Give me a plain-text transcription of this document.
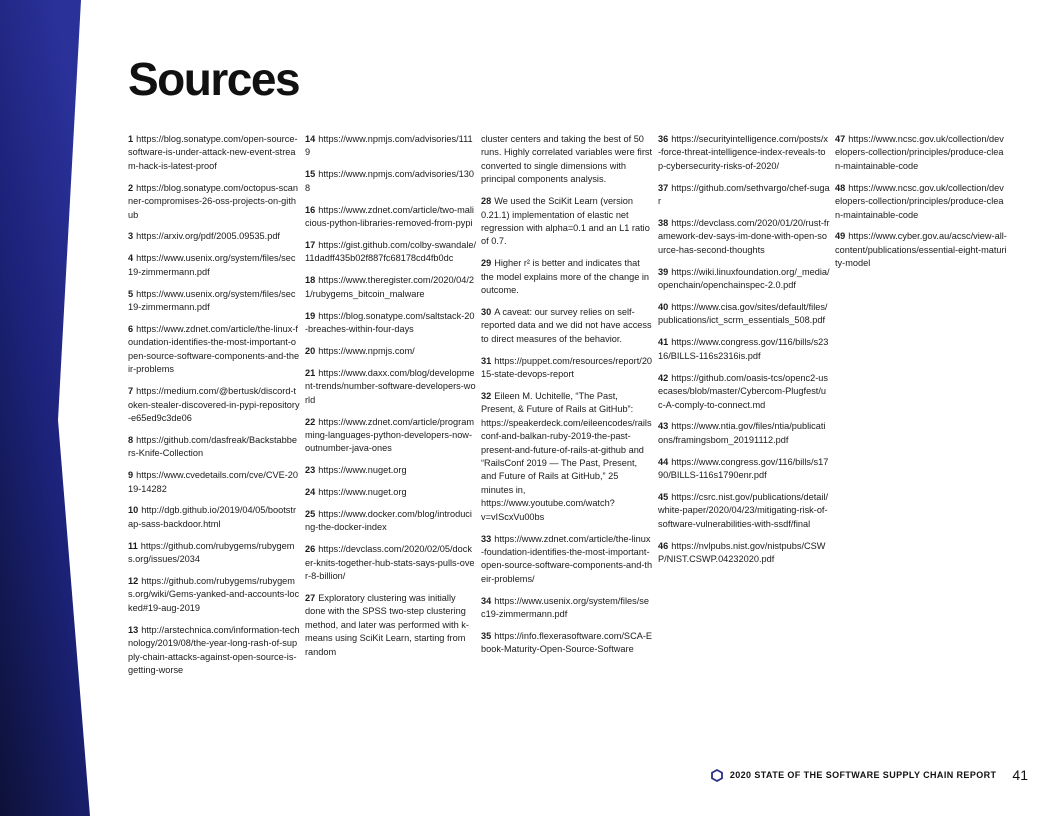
Sources

1 https://blog.sonatype.com/open-source-software-is-under-attack-new-event-stream-hack-is-latest-proof

2 https://blog.sonatype.com/octopus-scanner-compromises-26-oss-projects-on-github

3 https://arxiv.org/pdf/2005.09535.pdf

4 https://www.usenix.org/system/files/sec19-zimmermann.pdf

5 https://www.usenix.org/system/files/sec19-zimmermann.pdf

6 https://www.zdnet.com/article/the-linux-foundation-identifies-the-most-important-open-source-software-components-and-their-problems

7 https://medium.com/@bertusk/discord-token-stealer-discovered-in-pypi-repository-e65ed9c3de06

8 https://github.com/dasfreak/Backstabbers-Knife-Collection

9 https://www.cvedetails.com/cve/CVE-2019-14282

10 http://dgb.github.io/2019/04/05/bootstrap-sass-backdoor.html

11 https://github.com/rubygems/rubygems.org/issues/2034

12 https://github.com/rubygems/rubygems.org/wiki/Gems-yanked-and-accounts-locked#19-aug-2019

13 http://arstechnica.com/information-technology/2019/08/the-year-long-rash-of-supply-chain-attacks-against-open-source-is-getting-worse

14 https://www.npmjs.com/advisories/1119

15 https://www.npmjs.com/advisories/1308

16 https://www.zdnet.com/article/two-malicious-python-libraries-removed-from-pypi

17 https://gist.github.com/colby-swandale/11dadff435b02f887fc68178cd4fb0dc

18 https://www.theregister.com/2020/04/21/rubygems_bitcoin_malware

19 https://blog.sonatype.com/saltstack-20-breaches-within-four-days

20 https://www.npmjs.com/

21 https://www.daxx.com/blog/development-trends/number-software-developers-world

22 https://www.zdnet.com/article/programming-languages-python-developers-now-outnumber-java-ones

23 https://www.nuget.org

24 https://www.nuget.org

25 https://www.docker.com/blog/introducing-the-docker-index

26 https://devclass.com/2020/02/05/docker-knits-together-hub-stats-says-pulls-over-8-billion/

27 Exploratory clustering was initially done with the SPSS two-step clustering method, and later was performed with k-means using SciKit Learn, starting from random

cluster centers and taking the best of 50 runs. Highly correlated variables were first converted to single dimensions with principal components analysis.

28 We used the SciKit Learn (version 0.21.1) implementation of elastic net regression with alpha=0.1 and an L1 ratio of 0.7.

29 Higher r² is better and indicates that the model explains more of the change in outcome.

30 A caveat: our survey relies on self-reported data and we did not have access to direct measures of the behavior.

31 https://puppet.com/resources/report/2015-state-devops-report

32 Eileen M. Uchitelle, “The Past, Present, & Future of Rails at GitHub”: https://speakerdeck.com/eileencodes/railsconf-and-balkan-ruby-2019-the-past-present-and-future-of-rails-at-github and “RailsConf 2019 — The Past, Present, and Future of Rails at GitHub,” 25 minutes in, https://www.youtube.com/watch?v=vIScxVu00bs

33 https://www.zdnet.com/article/the-linux-foundation-identifies-the-most-important-open-source-software-components-and-their-problems/

34 https://www.usenix.org/system/files/sec19-zimmermann.pdf

35 https://info.flexerasoftware.com/SCA-Ebook-Maturity-Open-Source-Software

36 https://securityintelligence.com/posts/x-force-threat-intelligence-index-reveals-top-cybersecurity-risks-of-2020/

37 https://github.com/sethvargo/chef-sugar

38 https://devclass.com/2020/01/20/rust-framework-dev-says-im-done-with-open-source-has-second-thoughts

39 https://wiki.linuxfoundation.org/_media/openchain/openchainspec-2.0.pdf

40 https://www.cisa.gov/sites/default/files/publications/ict_scrm_essentials_508.pdf

41 https://www.congress.gov/116/bills/s2316/BILLS-116s2316is.pdf

42 https://github.com/oasis-tcs/openc2-usecases/blob/master/Cybercom-Plugfest/uc-A-comply-to-connect.md

43 https://www.ntia.gov/files/ntia/publications/framingsbom_20191112.pdf

44 https://www.congress.gov/116/bills/s1790/BILLS-116s1790enr.pdf

45 https://csrc.nist.gov/publications/detail/white-paper/2020/04/23/mitigating-risk-of-software-vulnerabilities-with-ssdf/final

46 https://nvlpubs.nist.gov/nistpubs/CSWP/NIST.CSWP.04232020.pdf

47 https://www.ncsc.gov.uk/collection/developers-collection/principles/produce-clean-maintainable-code

48 https://www.ncsc.gov.uk/collection/developers-collection/principles/produce-clean-maintainable-code

49 https://www.cyber.gov.au/acsc/view-all-content/publications/essential-eight-maturity-model

2020 STATE OF THE SOFTWARE SUPPLY CHAIN REPORT 41
